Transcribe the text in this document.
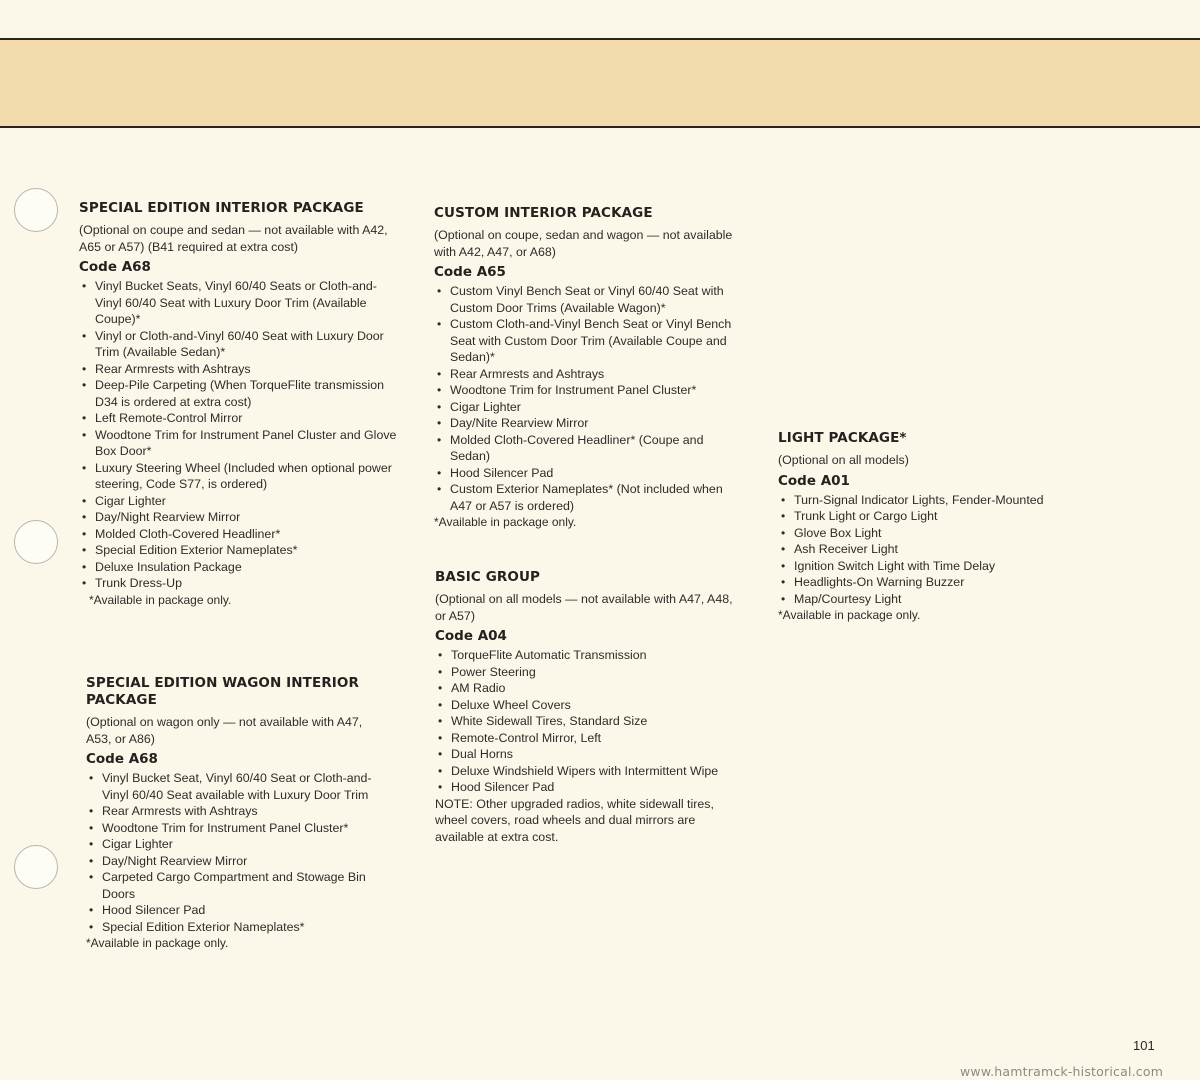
SPECIAL EDITION INTERIOR PACKAGE

(Optional on coupe and sedan — not available with A42, A65 or A57) (B41 required at extra cost)

Code A68
• Vinyl Bucket Seats, Vinyl 60/40 Seats or Cloth-and-Vinyl 60/40 Seat with Luxury Door Trim (Available Coupe)*
• Vinyl or Cloth-and-Vinyl 60/40 Seat with Luxury Door Trim (Available Sedan)*
• Rear Armrests with Ashtrays
• Deep-Pile Carpeting (When TorqueFlite transmission D34 is ordered at extra cost)
• Left Remote-Control Mirror
• Woodtone Trim for Instrument Panel Cluster and Glove Box Door*
• Luxury Steering Wheel (Included when optional power steering, Code S77, is ordered)
• Cigar Lighter
• Day/Night Rearview Mirror
• Molded Cloth-Covered Headliner*
• Special Edition Exterior Nameplates*
• Deluxe Insulation Package
• Trunk Dress-Up

*Available in package only.

SPECIAL EDITION WAGON INTERIOR PACKAGE

(Optional on wagon only — not available with A47, A53, or A86)

Code A68
• Vinyl Bucket Seat, Vinyl 60/40 Seat or Cloth-and-Vinyl 60/40 Seat available with Luxury Door Trim
• Rear Armrests with Ashtrays
• Woodtone Trim for Instrument Panel Cluster*
• Cigar Lighter
• Day/Night Rearview Mirror
• Carpeted Cargo Compartment and Stowage Bin Doors
• Hood Silencer Pad
• Special Edition Exterior Nameplates*

*Available in package only.

CUSTOM INTERIOR PACKAGE

(Optional on coupe, sedan and wagon — not available with A42, A47, or A68)

Code A65
• Custom Vinyl Bench Seat or Vinyl 60/40 Seat with Custom Door Trims (Available Wagon)*
• Custom Cloth-and-Vinyl Bench Seat or Vinyl Bench Seat with Custom Door Trim (Available Coupe and Sedan)*
• Rear Armrests and Ashtrays
• Woodtone Trim for Instrument Panel Cluster*
• Cigar Lighter
• Day/Nite Rearview Mirror
• Molded Cloth-Covered Headliner* (Coupe and Sedan)
• Hood Silencer Pad
• Custom Exterior Nameplates* (Not included when A47 or A57 is ordered)

*Available in package only.

BASIC GROUP

(Optional on all models — not available with A47, A48, or A57)

Code A04
• TorqueFlite Automatic Transmission
• Power Steering
• AM Radio
• Deluxe Wheel Covers
• White Sidewall Tires, Standard Size
• Remote-Control Mirror, Left
• Dual Horns
• Deluxe Windshield Wipers with Intermittent Wipe
• Hood Silencer Pad

NOTE: Other upgraded radios, white sidewall tires, wheel covers, road wheels and dual mirrors are available at extra cost.

LIGHT PACKAGE*

(Optional on all models)

Code A01
• Turn-Signal Indicator Lights, Fender-Mounted
• Trunk Light or Cargo Light
• Glove Box Light
• Ash Receiver Light
• Ignition Switch Light with Time Delay
• Headlights-On Warning Buzzer
• Map/Courtesy Light

*Available in package only.

101
www.hamtramck-historical.com
